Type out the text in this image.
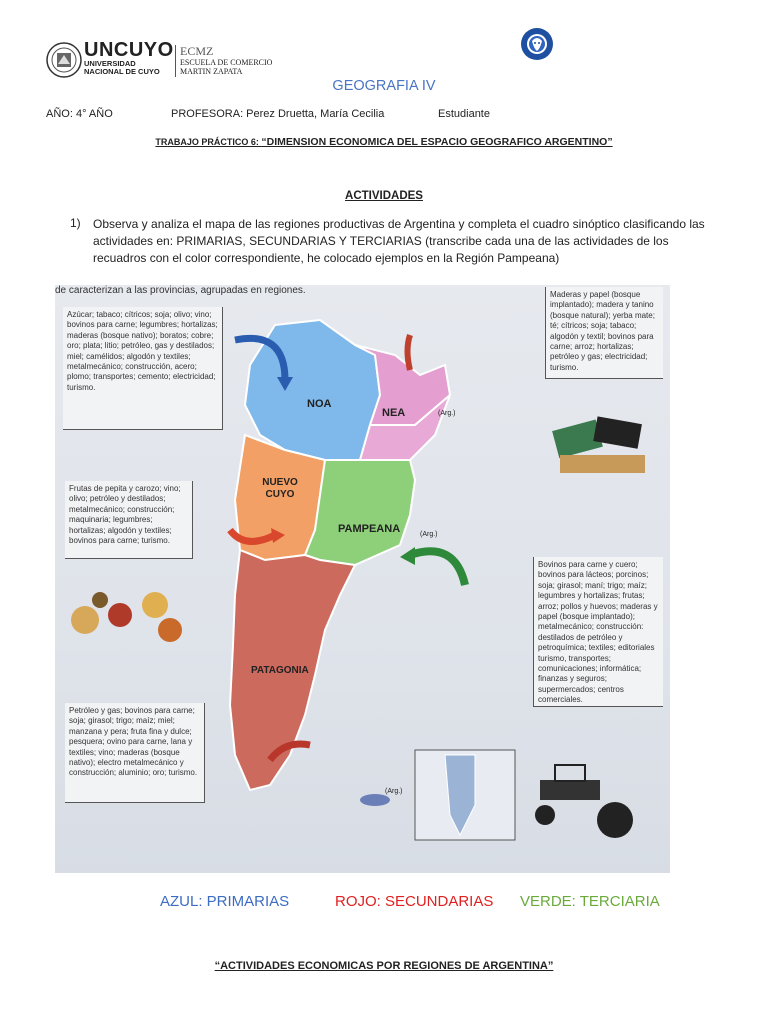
UNCUYO
UNIVERSIDAD
NACIONAL DE CUYO
ECMZ
ESCUELA DE COMERCIO
MARTIN ZAPATA
GEOGRAFIA IV
AÑO: 4° AÑO	PROFESORA: Perez Druetta, María Cecilia	Estudiante
TRABAJO PRÁCTICO 6: “DIMENSION ECONOMICA DEL ESPACIO GEOGRAFICO ARGENTINO”
ACTIVIDADES
1) Observa y analiza el mapa de las regiones productivas de Argentina y completa el cuadro sinóptico clasificando las actividades en: PRIMARIAS, SECUNDARIAS Y TERCIARIAS (transcribe cada una de las actividades de los recuadros con el color correspondiente, he colocado ejemplos en la Región Pampeana)
de caracterizan a las provincias, agrupadas en regiones.
NOA
NEA
NUEVO
CUYO
PAMPEANA
PATAGONIA
(Arg.)
(Arg.)
(Arg.)
Azúcar; tabaco; cítricos; soja; olivo; vino; bovinos para carne; legumbres; hortalizas; maderas (bosque nativo); boratos; cobre; oro; plata; litio; petróleo, gas y destilados; miel; camélidos; algodón y textiles; metalmecánico; construcción, acero; plomo; transportes; cemento; electricidad; turismo.
Maderas y papel (bosque implantado); madera y tanino (bosque natural); yerba mate; té; cítricos; soja; tabaco; algodón y textil; bovinos para carne; arroz; hortalizas; petróleo y gas; electricidad; turismo.
Frutas de pepita y carozo; vino; olivo; petróleo y destilados; metalmecánico; construcción; maquinaria; legumbres; hortalizas; algodón y textiles; bovinos para carne; turismo.
Bovinos para carne y cuero; bovinos para lácteos; porcinos; soja; girasol; maní; trigo; maíz; legumbres y hortalizas; frutas; arroz; pollos y huevos; maderas y papel (bosque implantado); metalmecánico; construcción: destilados de petróleo y petroquímica; textiles; editoriales turismo, transportes; comunicaciones; informática; finanzas y seguros; supermercados; centros comerciales.
Petróleo y gas; bovinos para carne; soja; girasol; trigo; maíz; miel; manzana y pera; fruta fina y dulce; pesquera; ovino para carne, lana y textiles; vino; maderas (bosque nativo); electro metalmecánico y construcción; aluminio; oro; turismo.
AZUL: PRIMARIAS	ROJO: SECUNDARIAS VERDE: TERCIARIA
“ACTIVIDADES ECONOMICAS POR REGIONES DE ARGENTINA”
